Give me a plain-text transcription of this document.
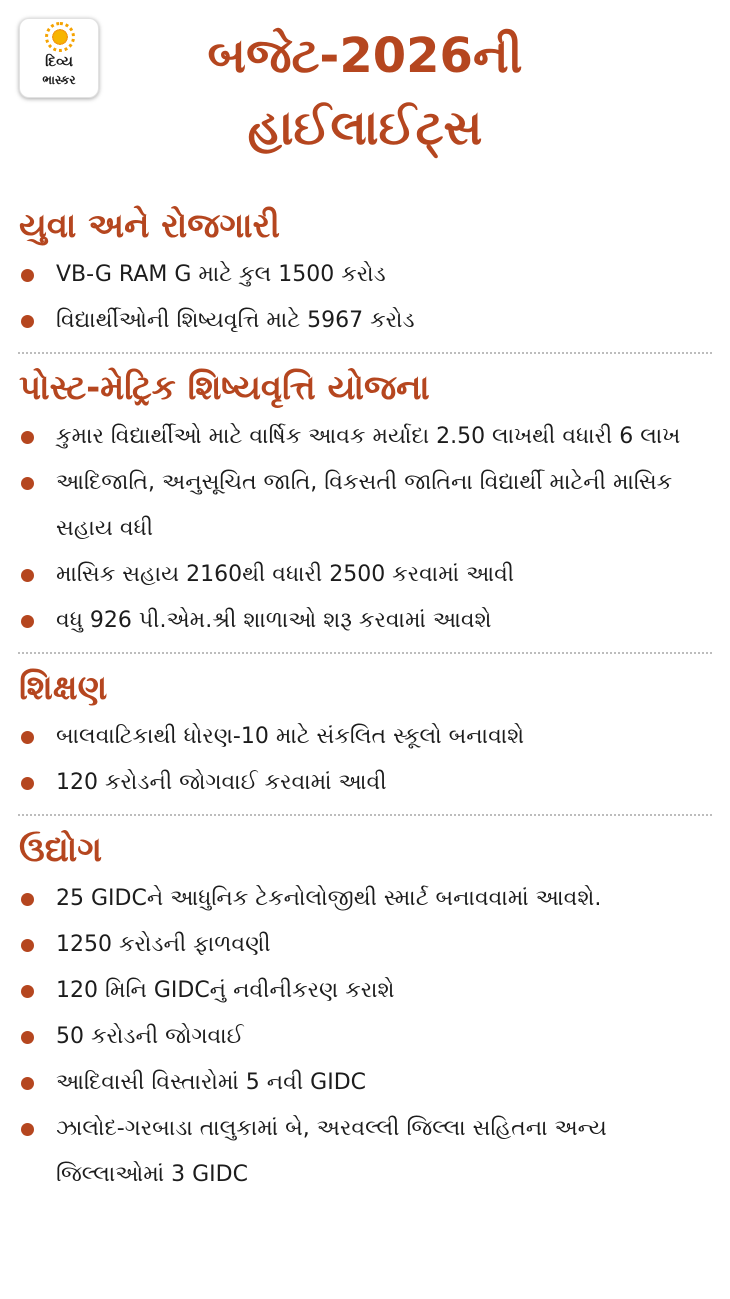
દિવ્ય
ભાસ્કર	બજેટ-2026ની
હાઈલાઈટ્સ
યુવા અને રોજગારી
VB-G RAM G માટે કુલ 1500 કરોડ
વિદ્યાર્થીઓની શિષ્યવૃત્તિ માટે 5967 કરોડ
પોસ્ટ-મેટ્રિક શિષ્યવૃત્તિ યોજના
કુમાર વિદ્યાર્થીઓ માટે વાર્ષિક આવક મર્યાદા 2.50 લાખથી વધારી 6 લાખ
આદિજાતિ, અનુસૂચિત જાતિ, વિકસતી જાતિના વિદ્યાર્થી માટેની માસિક સહાય વધી
માસિક સહાય 2160થી વધારી 2500 કરવામાં આવી
વધુ 926 પી.એમ.શ્રી શાળાઓ શરૂ કરવામાં આવશે
શિક્ષણ
બાલવાટિકાથી ધોરણ-10 માટે સંકલિત સ્કૂલો બનાવાશે
120 કરોડની જોગવાઈ કરવામાં આવી
ઉદ્યોગ
25 GIDCને આધુનિક ટેકનોલોજીથી સ્માર્ટ બનાવવામાં આવશે.
1250 કરોડની ફાળવણી
120 મિનિ GIDCનું નવીનીકરણ કરાશે
50 કરોડની જોગવાઈ
આદિવાસી વિસ્તારોમાં 5 નવી GIDC
ઝાલોદ-ગરબાડા તાલુકામાં બે, અરવલ્લી જિલ્લા સહિતના અન્ય જિલ્લાઓમાં 3 GIDC
